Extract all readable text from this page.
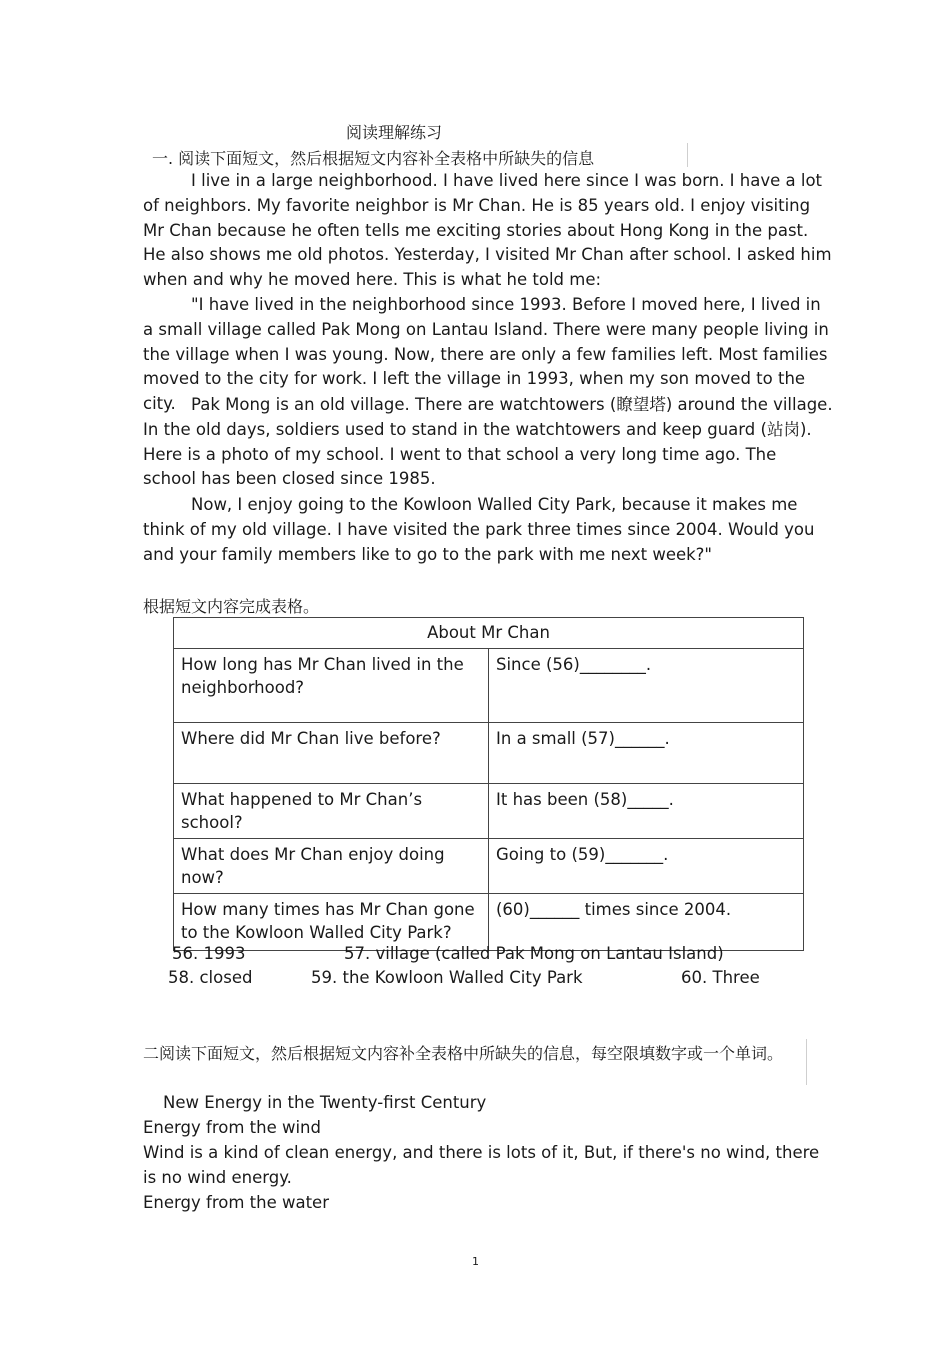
阅读理解练习
一. 阅读下面短文，然后根据短文内容补全表格中所缺失的信息

I live in a large neighborhood. I have lived here since I was born. I have a lot of neighbors. My favorite neighbor is Mr Chan. He is 85 years old. I enjoy visiting Mr Chan because he often tells me exciting stories about Hong Kong in the past. He also shows me old photos. Yesterday, I visited Mr Chan after school. I asked him when and why he moved here. This is what he told me:

"I have lived in the neighborhood since 1993. Before I moved here, I lived in a small village called Pak Mong on Lantau Island. There were many people living in the village when I was young. Now, there are only a few families left. Most families moved to the city for work. I left the village in 1993, when my son moved to the city. Pak Mong is an old village. There are watchtowers (瞭望塔) around the village. In the old days, soldiers used to stand in the watchtowers and keep guard (站岗). Here is a photo of my school. I went to that school a very long time ago. The school has been closed since 1985.

Now, I enjoy going to the Kowloon Walled City Park, because it makes me think of my old village. I have visited the park three times since 2004. Would you and your family members like to go to the park with me next week?"

根据短文内容完成表格。
About Mr Chan	
How long has Mr Chan lived in the neighborhood?	Since (56)________.
Where did Mr Chan live before?	In a small (57)______.
What happened to Mr Chan’s school?	It has been (58)_____.
What does Mr Chan enjoy doing now?	Going to (59)_______.
How many times has Mr Chan gone to the Kowloon Walled City Park?	(60)______ times since 2004.
56. 1993	57. village (called Pak Mong on Lantau Island)
58. closed	59. the Kowloon Walled City Park	60. Three
二阅读下面短文，然后根据短文内容补全表格中所缺失的信息，每空限填数字或一个单词。
New Energy in the Twenty-first Century
Energy from the wind

Wind is a kind of clean energy, and there is lots of it, But, if there's no wind, there is no wind energy.

Energy from the water
1
